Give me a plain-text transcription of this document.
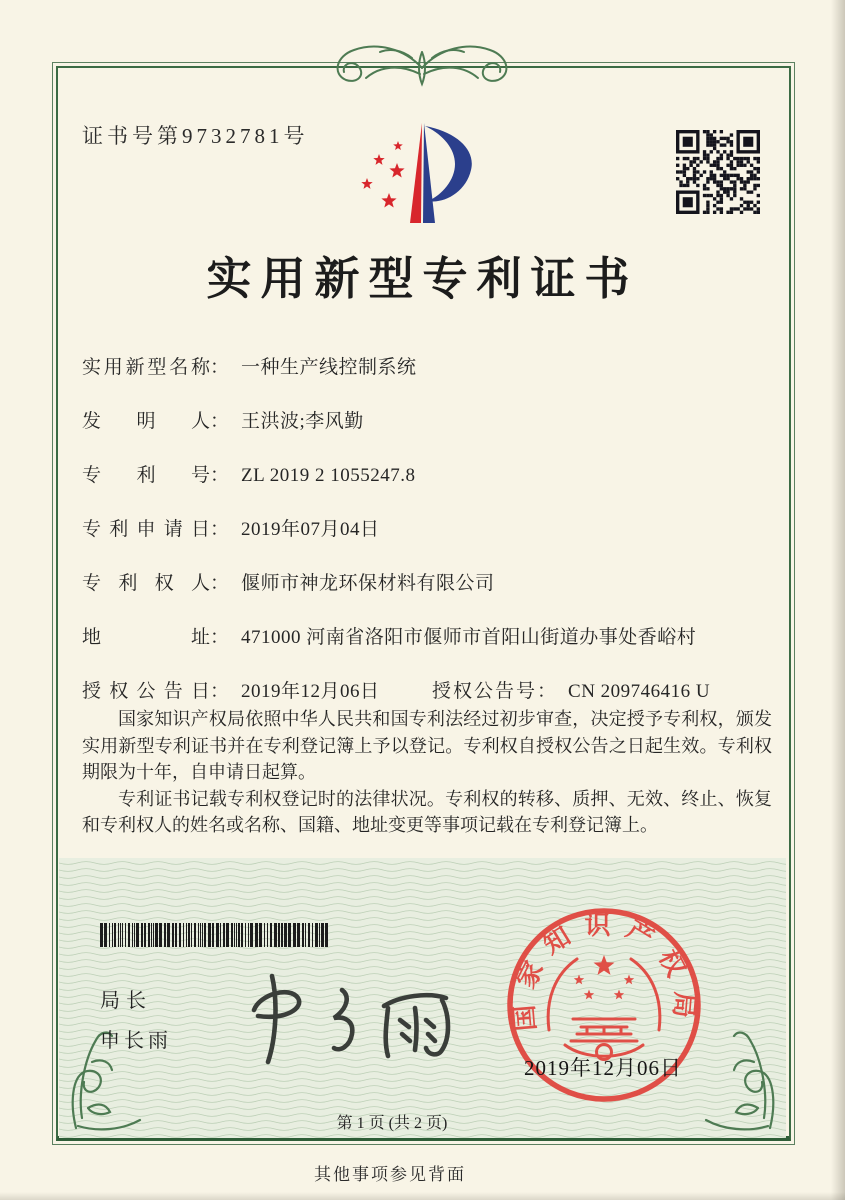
证书号第9732781号
实用新型专利证书
实用新型名称： 一种生产线控制系统
发明人： 王洪波;李风勤
专利号： ZL 2019 2 1055247.8
专利申请日： 2019年07月04日
专利权人： 偃师市神龙环保材料有限公司
地址： 471000 河南省洛阳市偃师市首阳山街道办事处香峪村
授权公告日： 2019年12月06日	授权公告号： CN 209746416 U

国家知识产权局依照中华人民共和国专利法经过初步审查，决定授予专利权，颁发实用新型专利证书并在专利登记簿上予以登记。专利权自授权公告之日起生效。专利权期限为十年，自申请日起算。

专利证书记载专利权登记时的法律状况。专利权的转移、质押、无效、终止、恢复和专利权人的姓名或名称、国籍、地址变更等事项记载在专利登记簿上。

局长
申长雨
国家知识产权局
2019年12月06日
第 1 页 (共 2 页)
其他事项参见背面
